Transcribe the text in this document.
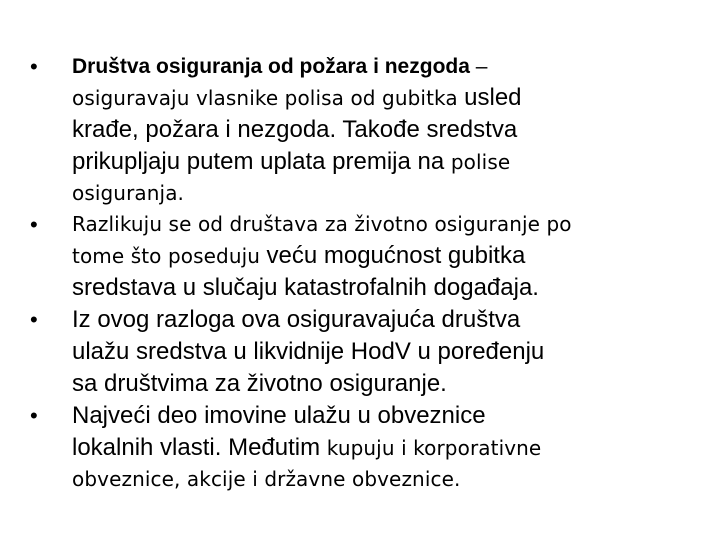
•	Društva osiguranja od požara i nezgoda –
osiguravaju vlasnike polisa od gubitka usled
krađe, požara i nezgoda. Takođe sredstva
prikupljaju putem uplata premija na polise
osiguranja.
•	Razlikuju se od društava za životno osiguranje po
tome što poseduju veću mogućnost gubitka
sredstava u slučaju katastrofalnih događaja.
•	Iz ovog razloga ova osiguravajuća društva
ulažu sredstva u likvidnije HodV u poređenju
sa društvima za životno osiguranje.
•	Najveći deo imovine ulažu u obveznice
lokalnih vlasti. Međutim kupuju i korporativne
obveznice, akcije i državne obveznice.
